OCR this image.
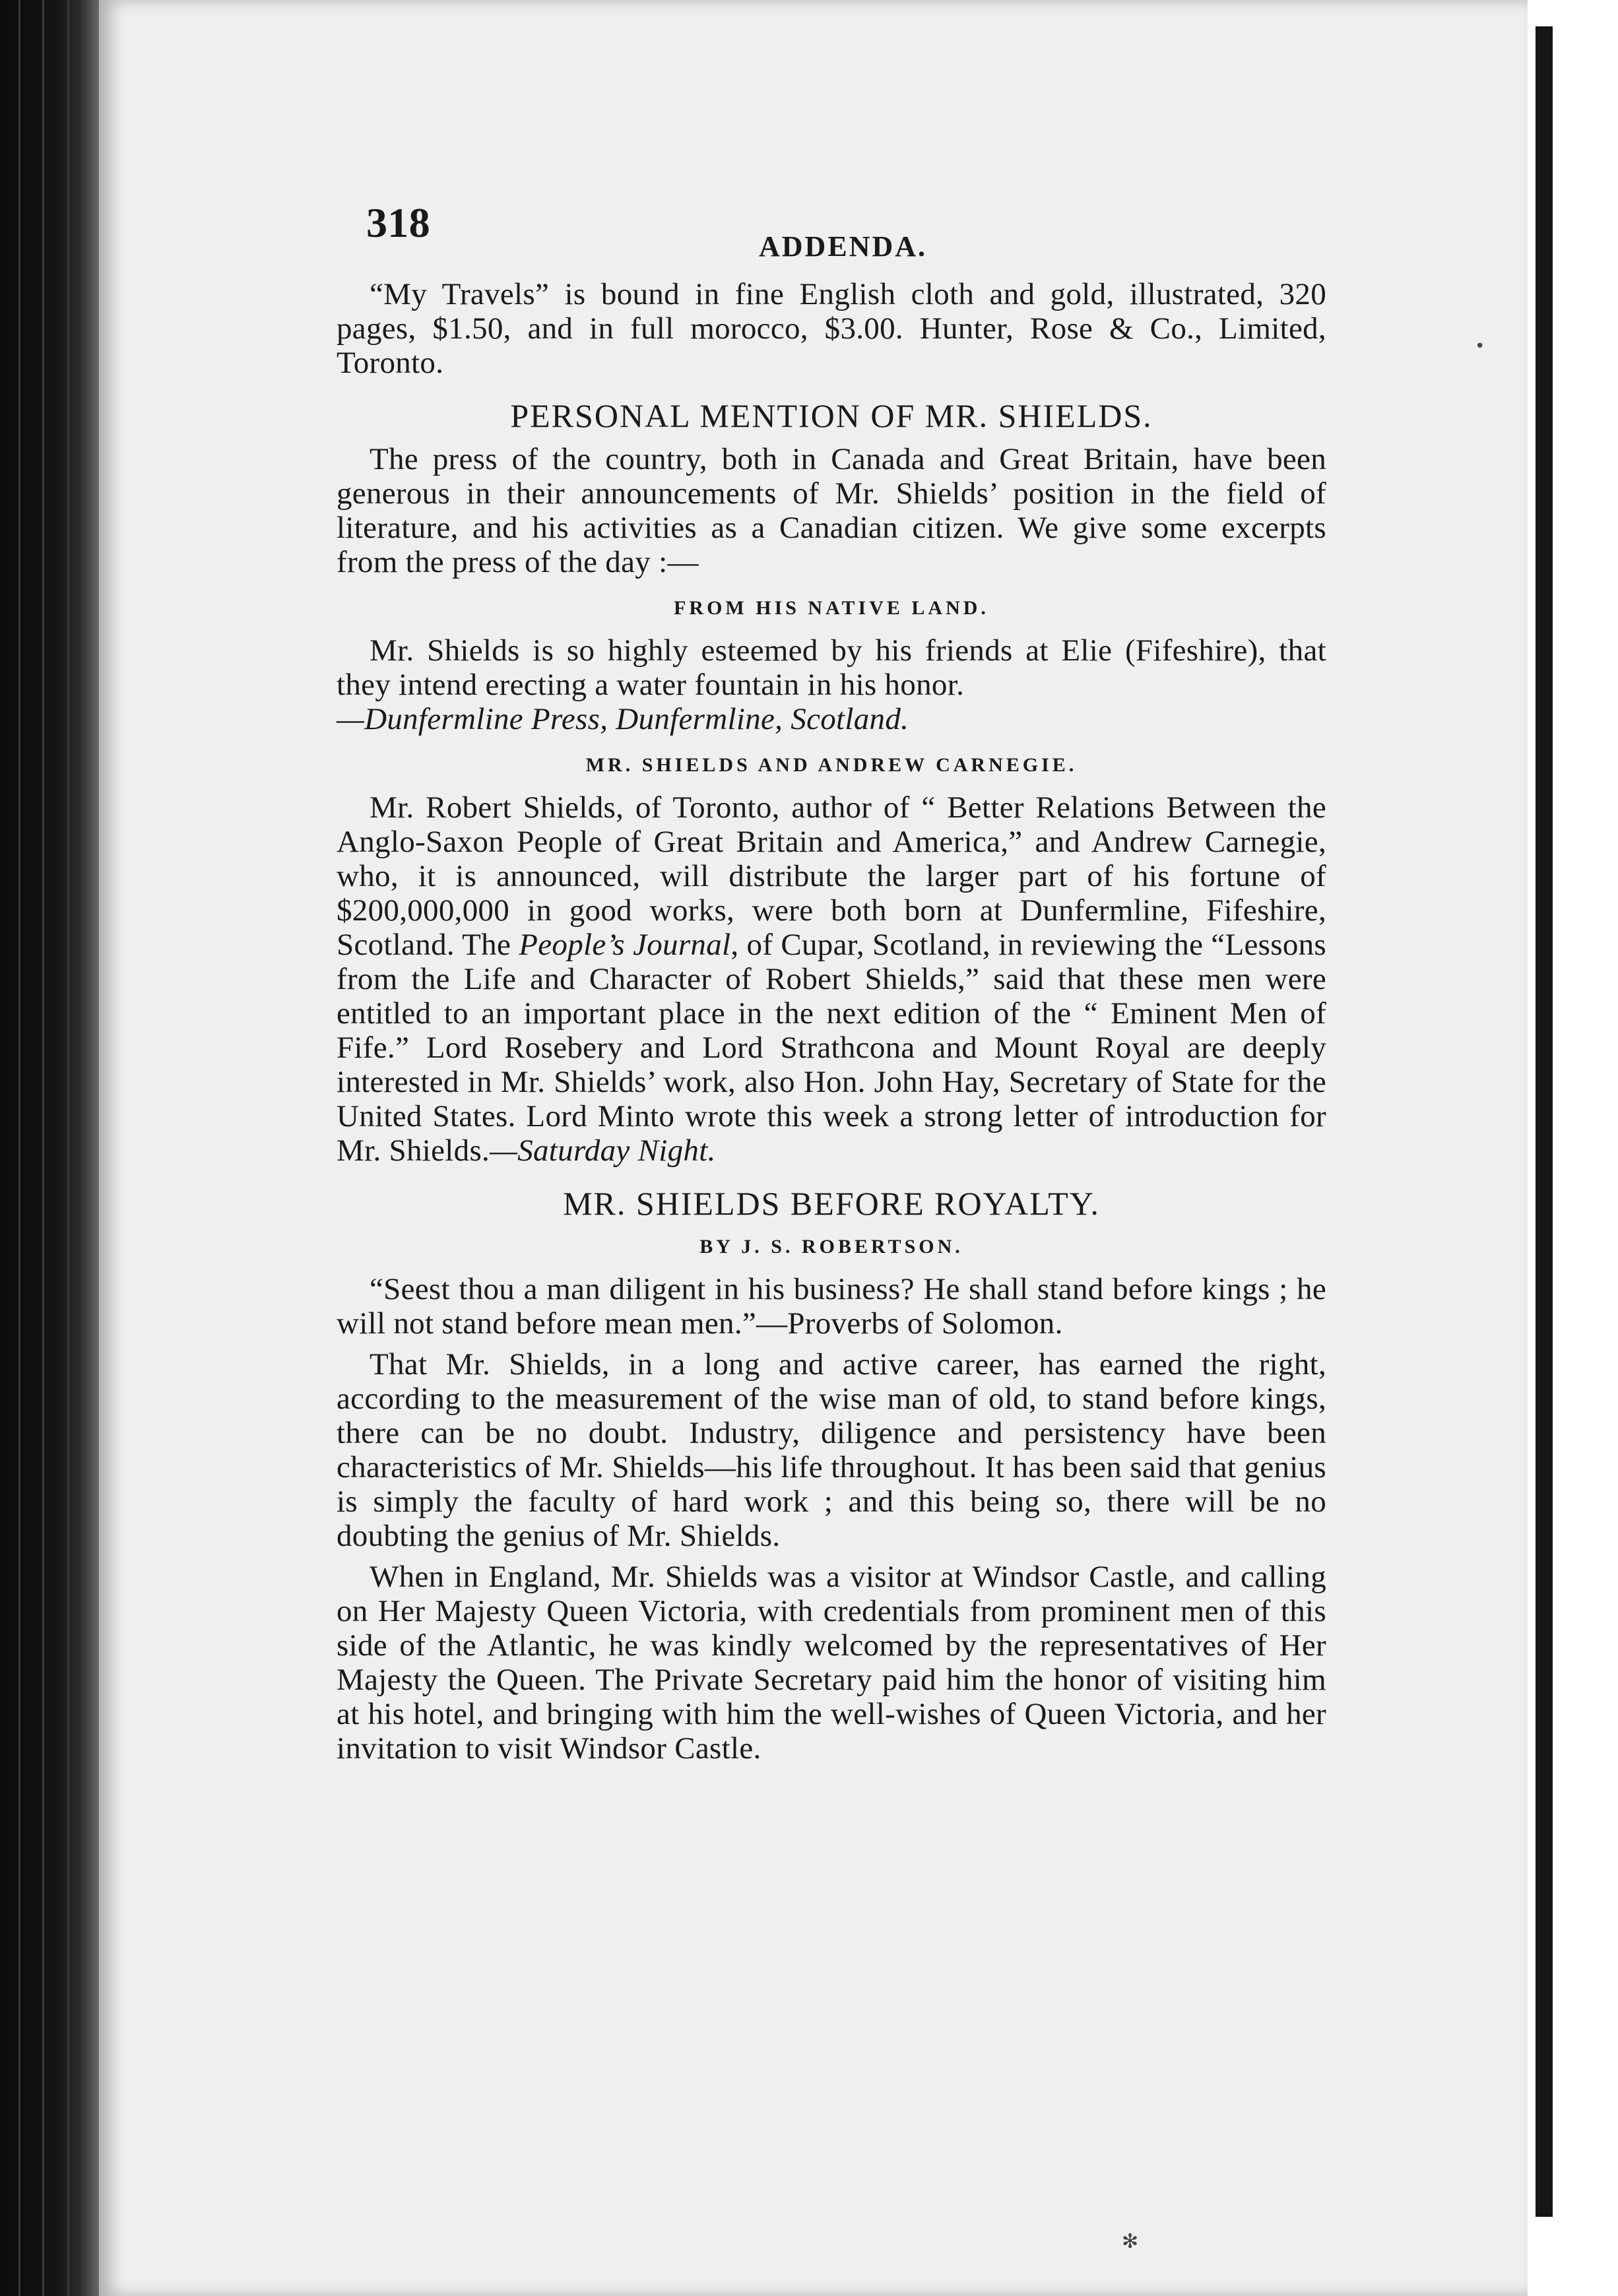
•
✻
318
ADDENDA.

“My Travels” is bound in fine English cloth and gold, illustrated, 320 pages, $1.50, and in full morocco, $3.00. Hunter, Rose & Co., Limited, Toronto.

PERSONAL MENTION OF MR. SHIELDS.

The press of the country, both in Canada and Great Britain, have been generous in their announcements of Mr. Shields’ position in the field of literature, and his activities as a Canadian citizen. We give some excerpts from the press of the day :—

FROM HIS NATIVE LAND.

Mr. Shields is so highly esteemed by his friends at Elie (Fifeshire), that they intend erecting a water fountain in his honor.

—Dunfermline Press, Dunfermline, Scotland.

MR. SHIELDS AND ANDREW CARNEGIE.

Mr. Robert Shields, of Toronto, author of “ Better Relations Between the Anglo-Saxon People of Great Britain and America,” and Andrew Carnegie, who, it is announced, will distribute the larger part of his fortune of $200,000,000 in good works, were both born at Dunfermline, Fifeshire, Scotland. The People’s Journal, of Cupar, Scotland, in reviewing the “Lessons from the Life and Character of Robert Shields,” said that these men were entitled to an important place in the next edition of the “ Eminent Men of Fife.” Lord Rosebery and Lord Strathcona and Mount Royal are deeply interested in Mr. Shields’ work, also Hon. John Hay, Secretary of State for the United States. Lord Minto wrote this week a strong letter of introduction for Mr. Shields.—Saturday Night.

MR. SHIELDS BEFORE ROYALTY.
BY J. S. ROBERTSON.

“Seest thou a man diligent in his business? He shall stand before kings ; he will not stand before mean men.”—Proverbs of Solomon.

That Mr. Shields, in a long and active career, has earned the right, according to the measurement of the wise man of old, to stand before kings, there can be no doubt. Industry, diligence and persistency have been characteristics of Mr. Shields—his life throughout. It has been said that genius is simply the faculty of hard work ; and this being so, there will be no doubting the genius of Mr. Shields.

When in England, Mr. Shields was a visitor at Windsor Castle, and calling on Her Majesty Queen Victoria, with credentials from prominent men of this side of the Atlantic, he was kindly welcomed by the representatives of Her Majesty the Queen. The Private Secretary paid him the honor of visiting him at his hotel, and bringing with him the well-wishes of Queen Victoria, and her invitation to visit Windsor Castle.
